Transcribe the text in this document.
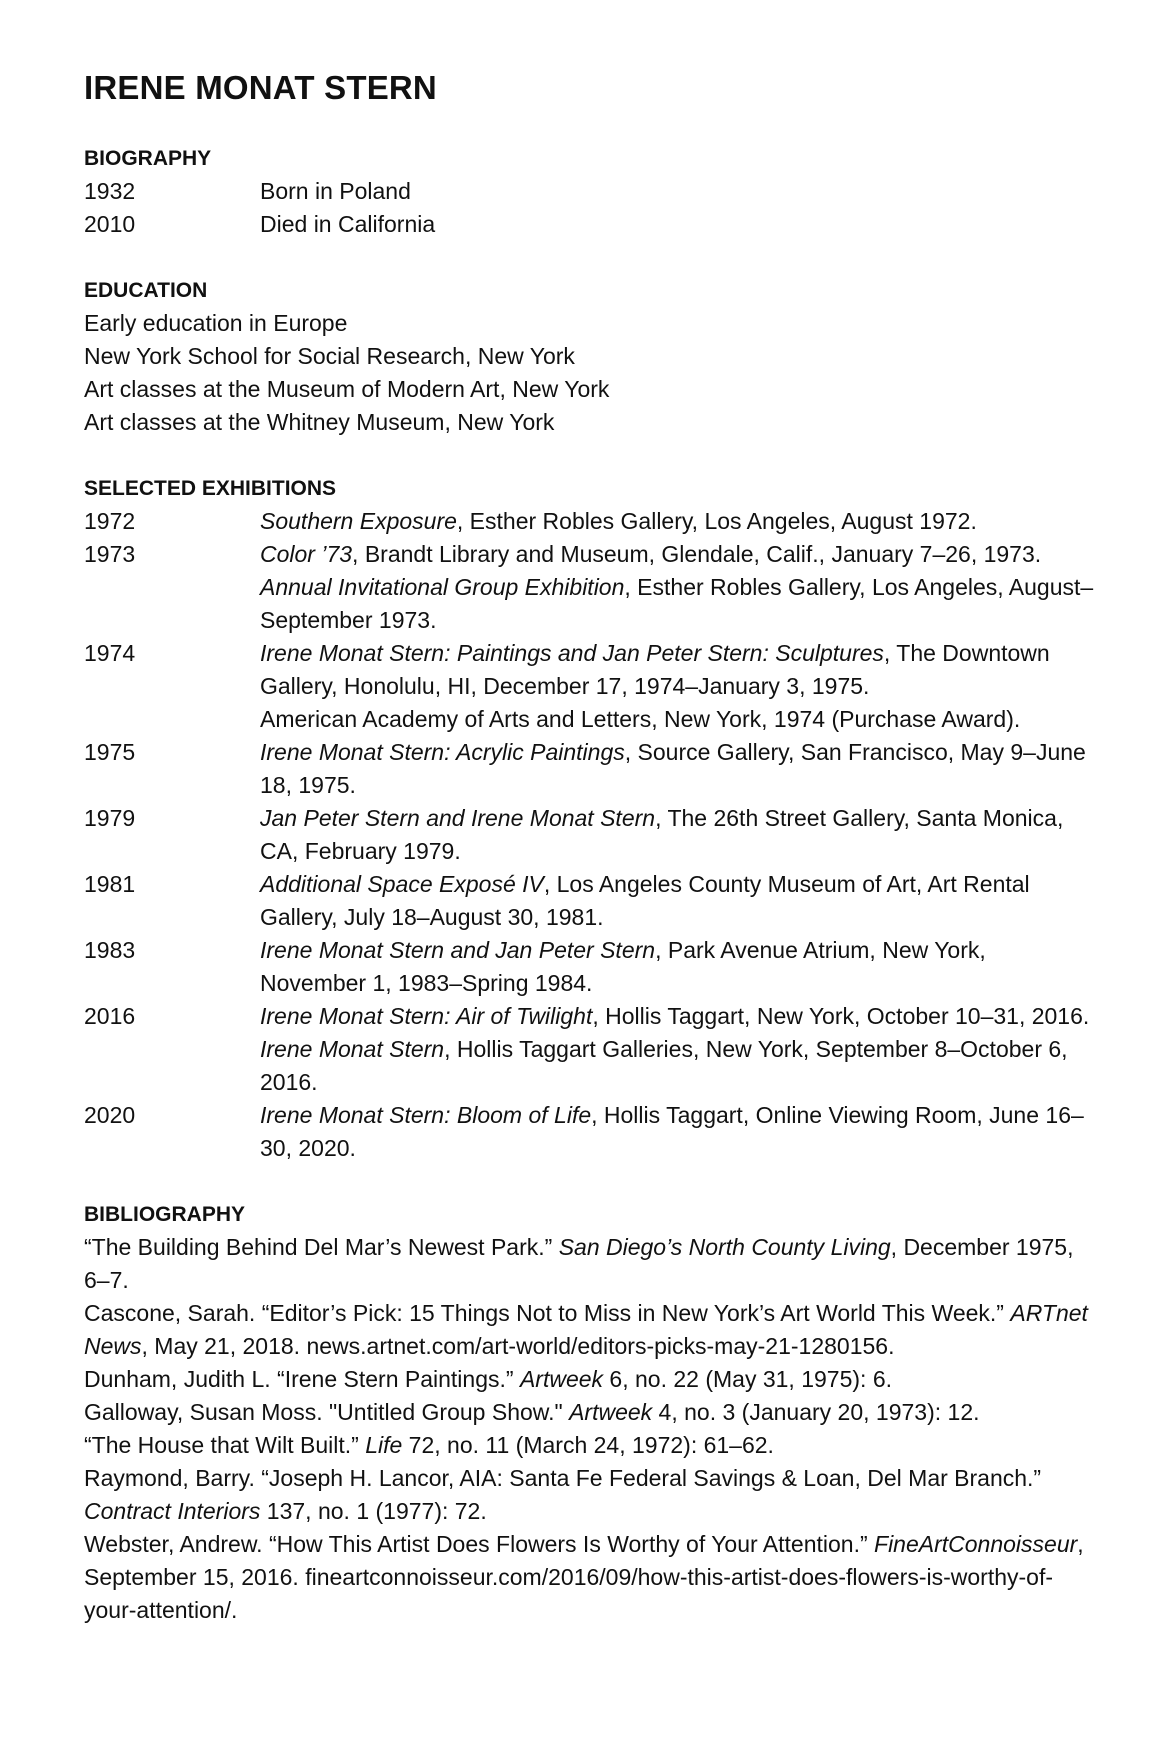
IRENE MONAT STERN
BIOGRAPHY
1932	Born in Poland
2010	Died in California
EDUCATION
Early education in Europe
New York School for Social Research, New York
Art classes at the Museum of Modern Art, New York
Art classes at the Whitney Museum, New York
SELECTED EXHIBITIONS
1972	Southern Exposure, Esther Robles Gallery, Los Angeles, August 1972.
1973	Color ’73, Brandt Library and Museum, Glendale, Calif., January 7–26, 1973.
Annual Invitational Group Exhibition, Esther Robles Gallery, Los Angeles, August–September 1973.
1974	Irene Monat Stern: Paintings and Jan Peter Stern: Sculptures, The Downtown Gallery, Honolulu, HI, December 17, 1974–January 3, 1975.
American Academy of Arts and Letters, New York, 1974 (Purchase Award).
1975	Irene Monat Stern: Acrylic Paintings, Source Gallery, San Francisco, May 9–June 18, 1975.
1979	Jan Peter Stern and Irene Monat Stern, The 26th Street Gallery, Santa Monica, CA, February 1979.
1981	Additional Space Exposé IV, Los Angeles County Museum of Art, Art Rental Gallery, July 18–August 30, 1981.
1983	Irene Monat Stern and Jan Peter Stern, Park Avenue Atrium, New York, November 1, 1983–Spring 1984.
2016	Irene Monat Stern: Air of Twilight, Hollis Taggart, New York, October 10–31, 2016.
Irene Monat Stern, Hollis Taggart Galleries, New York, September 8–October 6, 2016.
2020	Irene Monat Stern: Bloom of Life, Hollis Taggart, Online Viewing Room, June 16–30, 2020.
BIBLIOGRAPHY
“The Building Behind Del Mar’s Newest Park.” San Diego’s North County Living, December 1975, 6–7.
Cascone, Sarah. “Editor’s Pick: 15 Things Not to Miss in New York’s Art World This Week.” ARTnet News, May 21, 2018. news.artnet.com/art-world/editors-picks-may-21-1280156.
Dunham, Judith L. “Irene Stern Paintings.” Artweek 6, no. 22 (May 31, 1975): 6.
Galloway, Susan Moss. "Untitled Group Show." Artweek 4, no. 3 (January 20, 1973): 12.
“The House that Wilt Built.” Life 72, no. 11 (March 24, 1972): 61–62.
Raymond, Barry. “Joseph H. Lancor, AIA: Santa Fe Federal Savings & Loan, Del Mar Branch.” Contract Interiors 137, no. 1 (1977): 72.
Webster, Andrew. “How This Artist Does Flowers Is Worthy of Your Attention.” FineArtConnoisseur, September 15, 2016. fineartconnoisseur.com/2016/09/how-this-artist-does-flowers-is-worthy-of-your-attention/.
